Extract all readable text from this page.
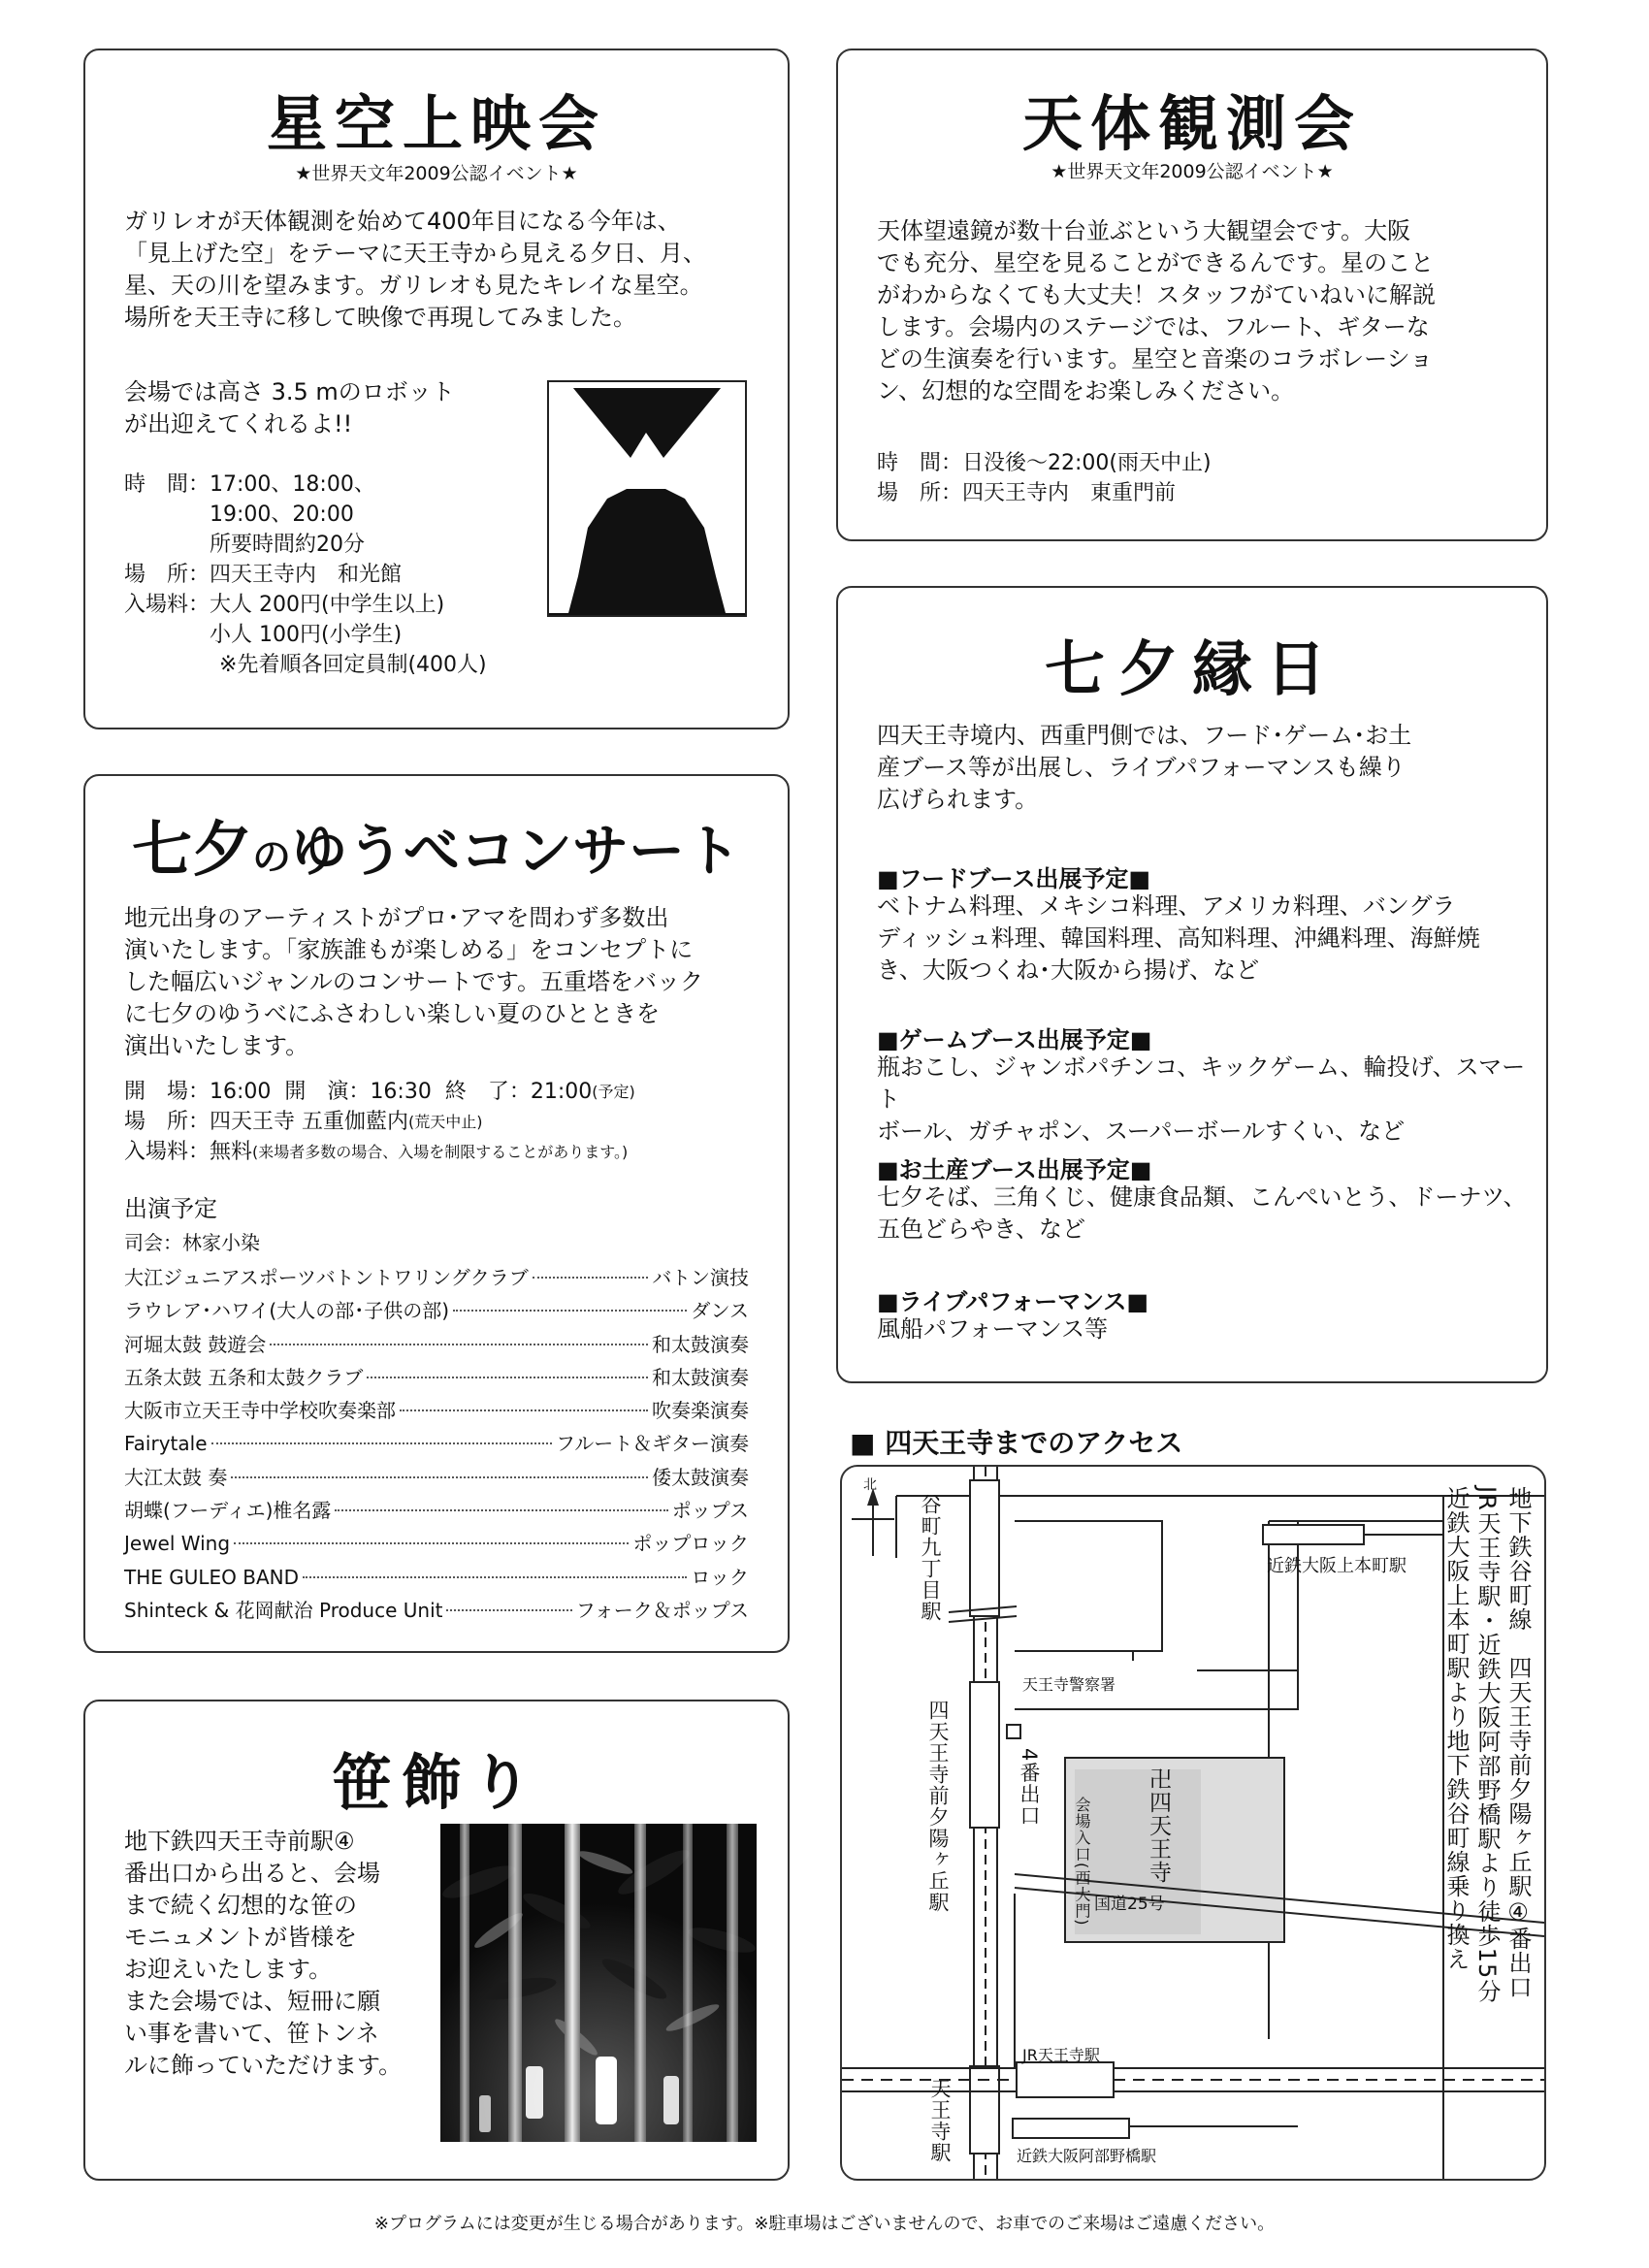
星空上映会
★世界天文年2009公認イベント★
ガリレオが天体観測を始めて400年目になる今年は、
「見上げた空」をテーマに天王寺から見える夕日、月、
星、天の川を望みます。ガリレオも見たキレイな星空。
場所を天王寺に移して映像で再現してみました。
会場では高さ 3.5 mのロボット
が出迎えてくれるよ!!
時　間： 17:00、18:00、
19:00、20:00
所要時間約20分
場　所： 四天王寺内　和光館
入場料： 大人 200円(中学生以上)
小人 100円(小学生)
※先着順各回定員制(400人)
天体観測会
★世界天文年2009公認イベント★
天体望遠鏡が数十台並ぶという大観望会です。大阪
でも充分、星空を見ることができるんです。星のこと
がわからなくても大丈夫！スタッフがていねいに解説
します。会場内のステージでは、フルート、ギターな
どの生演奏を行います。星空と音楽のコラボレーショ
ン、幻想的な空間をお楽しみください。
時　間： 日没後～22:00(雨天中止)
場　所： 四天王寺内　東重門前
七夕縁日
四天王寺境内、西重門側では、フード･ゲーム･お土
産ブース等が出展し、ライブパフォーマンスも繰り
広げられます。
■フードブース出展予定■
ベトナム料理、メキシコ料理、アメリカ料理、バングラ
ディッシュ料理、韓国料理、高知料理、沖縄料理、海鮮焼
き、大阪つくね･大阪から揚げ、など
■ゲームブース出展予定■
瓶おこし、ジャンボパチンコ、キックゲーム、輪投げ、スマート
ボール、ガチャポン、スーパーボールすくい、など
■お土産ブース出展予定■
七夕そば、三角くじ、健康食品類、こんぺいとう、ドーナツ、
五色どらやき、など
■ライブパフォーマンス■
風船パフォーマンス等
七夕のゆうべコンサート
地元出身のアーティストがプロ･アマを問わず多数出
演いたします。「家族誰もが楽しめる」をコンセプトに
した幅広いジャンルのコンサートです。五重塔をバック
に七夕のゆうべにふさわしい楽しい夏のひとときを
演出いたします。
開　場： 16:00
開　演： 16:30
終　了： 21:00 (予定)
場　所： 四天王寺 五重伽藍内 (荒天中止)
入場料： 無料 (来場者多数の場合、入場を制限することがあります。)
出演予定
司会：林家小染
大江ジュニアスポーツバトントワリングクラブ	バトン演技
ラウレア･ハワイ(大人の部･子供の部)	ダンス
河堀太鼓 鼓遊会	和太鼓演奏
五条太鼓 五条和太鼓クラブ	和太鼓演奏
大阪市立天王寺中学校吹奏楽部	吹奏楽演奏
Fairytale	フルート＆ギター演奏
大江太鼓 奏	倭太鼓演奏
胡蝶(フーディエ)椎名露	ポップス
Jewel Wing	ポップロック
THE GULEO BAND	ロック
Shinteck & 花岡献治 Produce Unit	フォーク＆ポップス
笹飾り
地下鉄四天王寺前駅④
番出口から出ると、会場
まで続く幻想的な笹の
モニュメントが皆様を
お迎えいたします。
また会場では、短冊に願
い事を書いて、笹トンネ
ルに飾っていただけます。
■ 四天王寺までのアクセス
北
谷町九丁目駅
四天王寺前夕陽ヶ丘駅
天王寺駅
近鉄大阪上本町駅
天王寺警察署
4番出口
会場入口(西大門) 卍四天王寺
国道25号
JR天王寺駅
近鉄大阪阿部野橋駅
地下鉄谷町線　四天王寺前夕陽ヶ丘駅④番出口
JR天王寺駅・近鉄大阪阿部野橋駅より徒歩15分
近鉄大阪上本町駅より地下鉄谷町線乗り換え
※プログラムには変更が生じる場合があります。※駐車場はございませんので、お車でのご来場はご遠慮ください。
